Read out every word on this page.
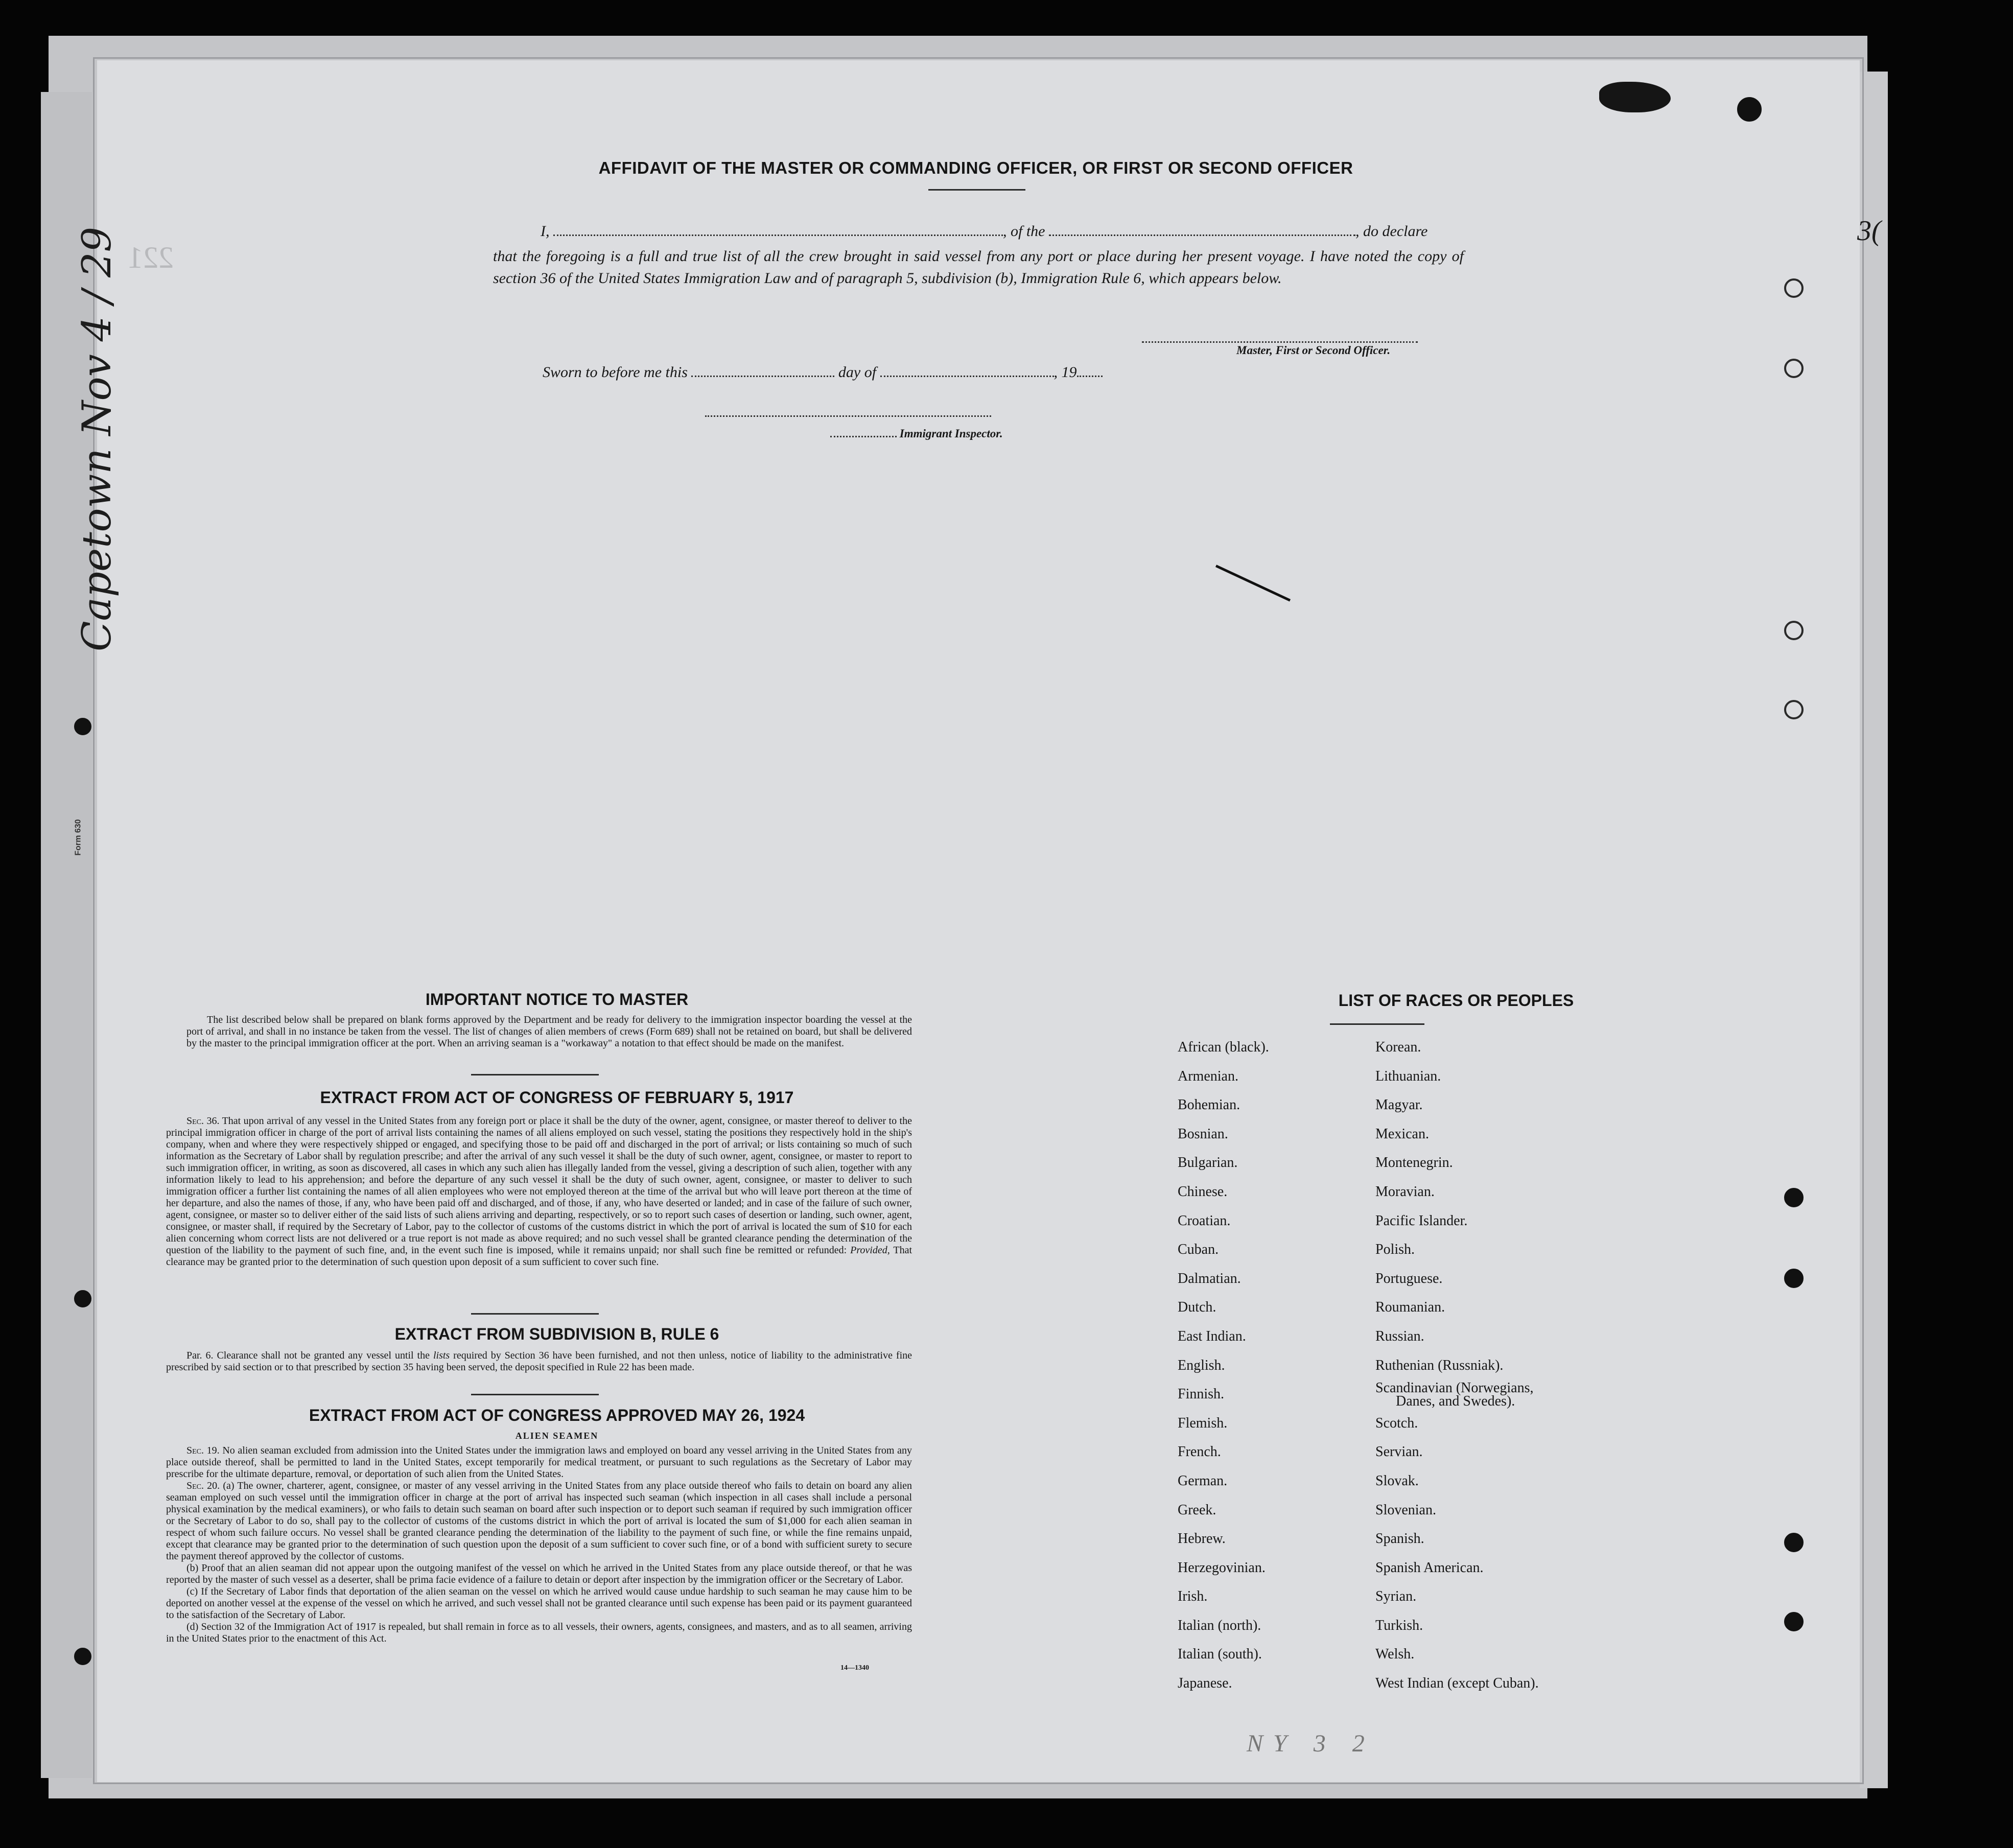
221
Capetown Nov 4 / 29
Form 630
3(
NY 3 2
AFFIDAVIT OF THE MASTER OR COMMANDING OFFICER, OR FIRST OR SECOND OFFICER
I,	, of the	, do declare
that the foregoing is a full and true list of all the crew brought in said vessel from any port or place during her present voyage. I have noted the copy of section 36 of the United States Immigration Law and of paragraph 5, subdivision (b), Immigration Rule 6, which appears below.
Master, First or Second Officer.
Sworn to before me this	day of	, 19
Immigrant Inspector.
IMPORTANT NOTICE TO MASTER

The list described below shall be prepared on blank forms approved by the Department and be ready for delivery to the immigration inspector boarding the vessel at the port of arrival, and shall in no instance be taken from the vessel. The list of changes of alien members of crews (Form 689) shall not be retained on board, but shall be delivered by the master to the principal immigration officer at the port. When an arriving seaman is a "workaway" a notation to that effect should be made on the manifest.

EXTRACT FROM ACT OF CONGRESS OF FEBRUARY 5, 1917

Sec. 36. That upon arrival of any vessel in the United States from any foreign port or place it shall be the duty of the owner, agent, consignee, or master thereof to deliver to the principal immigration officer in charge of the port of arrival lists containing the names of all aliens employed on such vessel, stating the positions they respectively hold in the ship's company, when and where they were respectively shipped or engaged, and specifying those to be paid off and discharged in the port of arrival; or lists containing so much of such information as the Secretary of Labor shall by regulation prescribe; and after the arrival of any such vessel it shall be the duty of such owner, agent, consignee, or master to report to such immigration officer, in writing, as soon as discovered, all cases in which any such alien has illegally landed from the vessel, giving a description of such alien, together with any information likely to lead to his apprehension; and before the departure of any such vessel it shall be the duty of such owner, agent, consignee, or master to deliver to such immigration officer a further list containing the names of all alien employees who were not employed thereon at the time of the arrival but who will leave port thereon at the time of her departure, and also the names of those, if any, who have been paid off and discharged, and of those, if any, who have deserted or landed; and in case of the failure of such owner, agent, consignee, or master so to deliver either of the said lists of such aliens arriving and departing, respectively, or so to report such cases of desertion or landing, such owner, agent, consignee, or master shall, if required by the Secretary of Labor, pay to the collector of customs of the customs district in which the port of arrival is located the sum of $10 for each alien concerning whom correct lists are not delivered or a true report is not made as above required; and no such vessel shall be granted clearance pending the determination of the question of the liability to the payment of such fine, and, in the event such fine is imposed, while it remains unpaid; nor shall such fine be remitted or refunded: Provided, That clearance may be granted prior to the determination of such question upon deposit of a sum sufficient to cover such fine.

EXTRACT FROM SUBDIVISION B, RULE 6

Par. 6. Clearance shall not be granted any vessel until the lists required by Section 36 have been furnished, and not then unless, notice of liability to the administrative fine prescribed by said section or to that prescribed by section 35 having been served, the deposit specified in Rule 22 has been made.

EXTRACT FROM ACT OF CONGRESS APPROVED MAY 26, 1924
ALIEN SEAMEN

Sec. 19. No alien seaman excluded from admission into the United States under the immigration laws and employed on board any vessel arriving in the United States from any place outside thereof, shall be permitted to land in the United States, except temporarily for medical treatment, or pursuant to such regulations as the Secretary of Labor may prescribe for the ultimate departure, removal, or deportation of such alien from the United States.

Sec. 20. (a) The owner, charterer, agent, consignee, or master of any vessel arriving in the United States from any place outside thereof who fails to detain on board any alien seaman employed on such vessel until the immigration officer in charge at the port of arrival has inspected such seaman (which inspection in all cases shall include a personal physical examination by the medical examiners), or who fails to detain such seaman on board after such inspection or to deport such seaman if required by such immigration officer or the Secretary of Labor to do so, shall pay to the collector of customs of the customs district in which the port of arrival is located the sum of $1,000 for each alien seaman in respect of whom such failure occurs. No vessel shall be granted clearance pending the determination of the liability to the payment of such fine, or while the fine remains unpaid, except that clearance may be granted prior to the determination of such question upon the deposit of a sum sufficient to cover such fine, or of a bond with sufficient surety to secure the payment thereof approved by the collector of customs.

(b) Proof that an alien seaman did not appear upon the outgoing manifest of the vessel on which he arrived in the United States from any place outside thereof, or that he was reported by the master of such vessel as a deserter, shall be prima facie evidence of a failure to detain or deport after inspection by the immigration officer or the Secretary of Labor.

(c) If the Secretary of Labor finds that deportation of the alien seaman on the vessel on which he arrived would cause undue hardship to such seaman he may cause him to be deported on another vessel at the expense of the vessel on which he arrived, and such vessel shall not be granted clearance until such expense has been paid or its payment guaranteed to the satisfaction of the Secretary of Labor.

(d) Section 32 of the Immigration Act of 1917 is repealed, but shall remain in force as to all vessels, their owners, agents, consignees, and masters, and as to all seamen, arriving in the United States prior to the enactment of this Act.

14—1340
LIST OF RACES OR PEOPLES
African (black).
Armenian.
Bohemian.
Bosnian.
Bulgarian.
Chinese.
Croatian.
Cuban.
Dalmatian.
Dutch.
East Indian.
English.
Finnish.
Flemish.
French.
German.
Greek.
Hebrew.
Herzegovinian.
Irish.
Italian (north).
Italian (south).
Japanese.
Korean.
Lithuanian.
Magyar.
Mexican.
Montenegrin.
Moravian.
Pacific Islander.
Polish.
Portuguese.
Roumanian.
Russian.
Ruthenian (Russniak).
Scandinavian (Norwegians,
Danes, and Swedes).
Scotch.
Servian.
Slovak.
Slovenian.
Spanish.
Spanish American.
Syrian.
Turkish.
Welsh.
West Indian (except Cuban).
